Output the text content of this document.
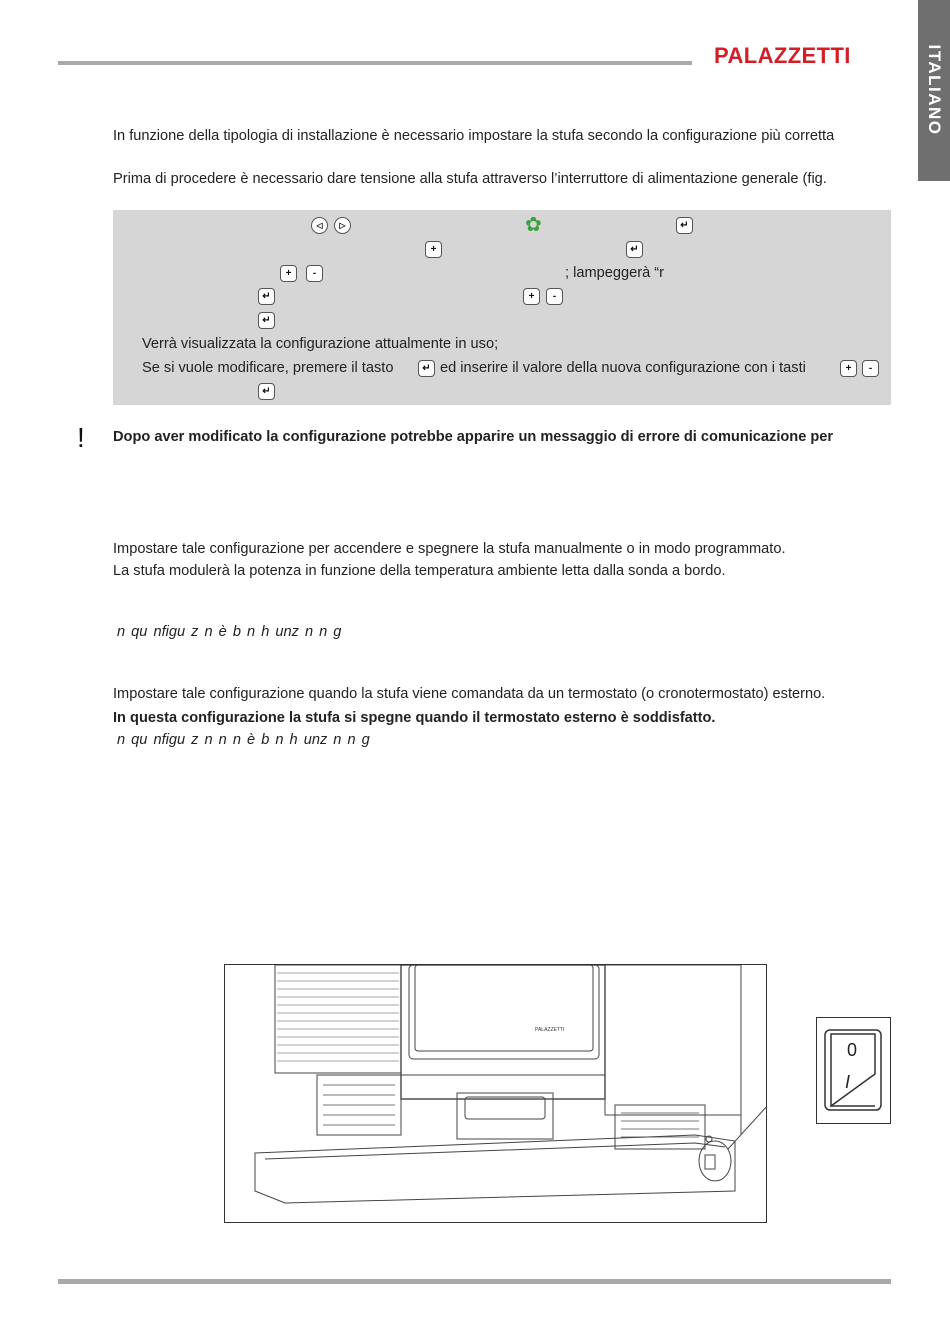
PALAZZETTI	ITALIANO
In funzione della tipologia di installazione è necessario impostare la stufa secondo la configurazione più corretta
Prima di procedere è necessario dare tensione alla stufa attraverso l’interruttore di alimentazione generale (fig.
◁	▷	✿	↵
+	↵
+	-	; lampeggerà “r
↵	+	-
↵
Verrà visualizzata la configurazione attualmente in uso;
Se si vuole modificare, premere il tasto	↵ ed inserire il valore della nuova configurazione con i tasti	+	-
↵
! Dopo aver modificato la configurazione potrebbe apparire un messaggio di errore di comunicazione per
Impostare tale configurazione per accendere e spegnere la stufa manualmente o in modo programmato.
La stufa modulerà la potenza in funzione della temperatura ambiente letta dalla sonda a bordo.
n qu nfigu z n è b n h unz n n g
Impostare tale configurazione quando la stufa viene comandata da un termostato (o cronotermostato) esterno.
In questa configurazione la stufa si spegne quando il termostato esterno è soddisfatto.
n qu nfigu z n n n è b n h unz n n g
PALAZZETTI
0
I
